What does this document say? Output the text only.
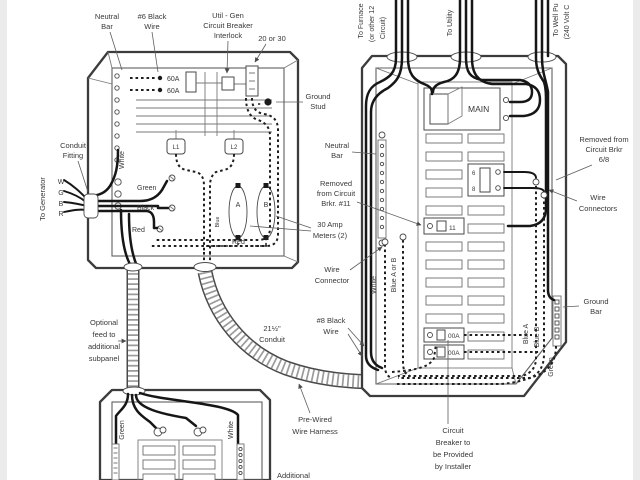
60A
60A
White
Green
Black
Red
Blue
Red
L1	L2
A	B
MAIN
11
6
8
00A
00A
Green	White
Neutral
Bar
#6 Black
Wire
Util - Gen
Circuit Breaker
Interlock 20 or 30
Ground
Stud
Conduit
Fitting
To Generator W
G
B
R
30 Amp
Meters (2)
To Furnace (or other 12 Circuit)	To Utility	To Well Pu (240 Volt C
Neutral
Bar
Removed
from Circuit
Brkr. #11
Removed from
Circuit Brkr
6/8
Wire
Connectors
Ground
Bar
Wire
Connector
#8 Black
Wire
White Blue A or B
Blue A Blue B
Green
Circuit
Breaker to
be Provided
by Installer
21½"
Conduit
Pre-Wired
Wire Harness
Optional
feed to
additional
subpanel
Additional
